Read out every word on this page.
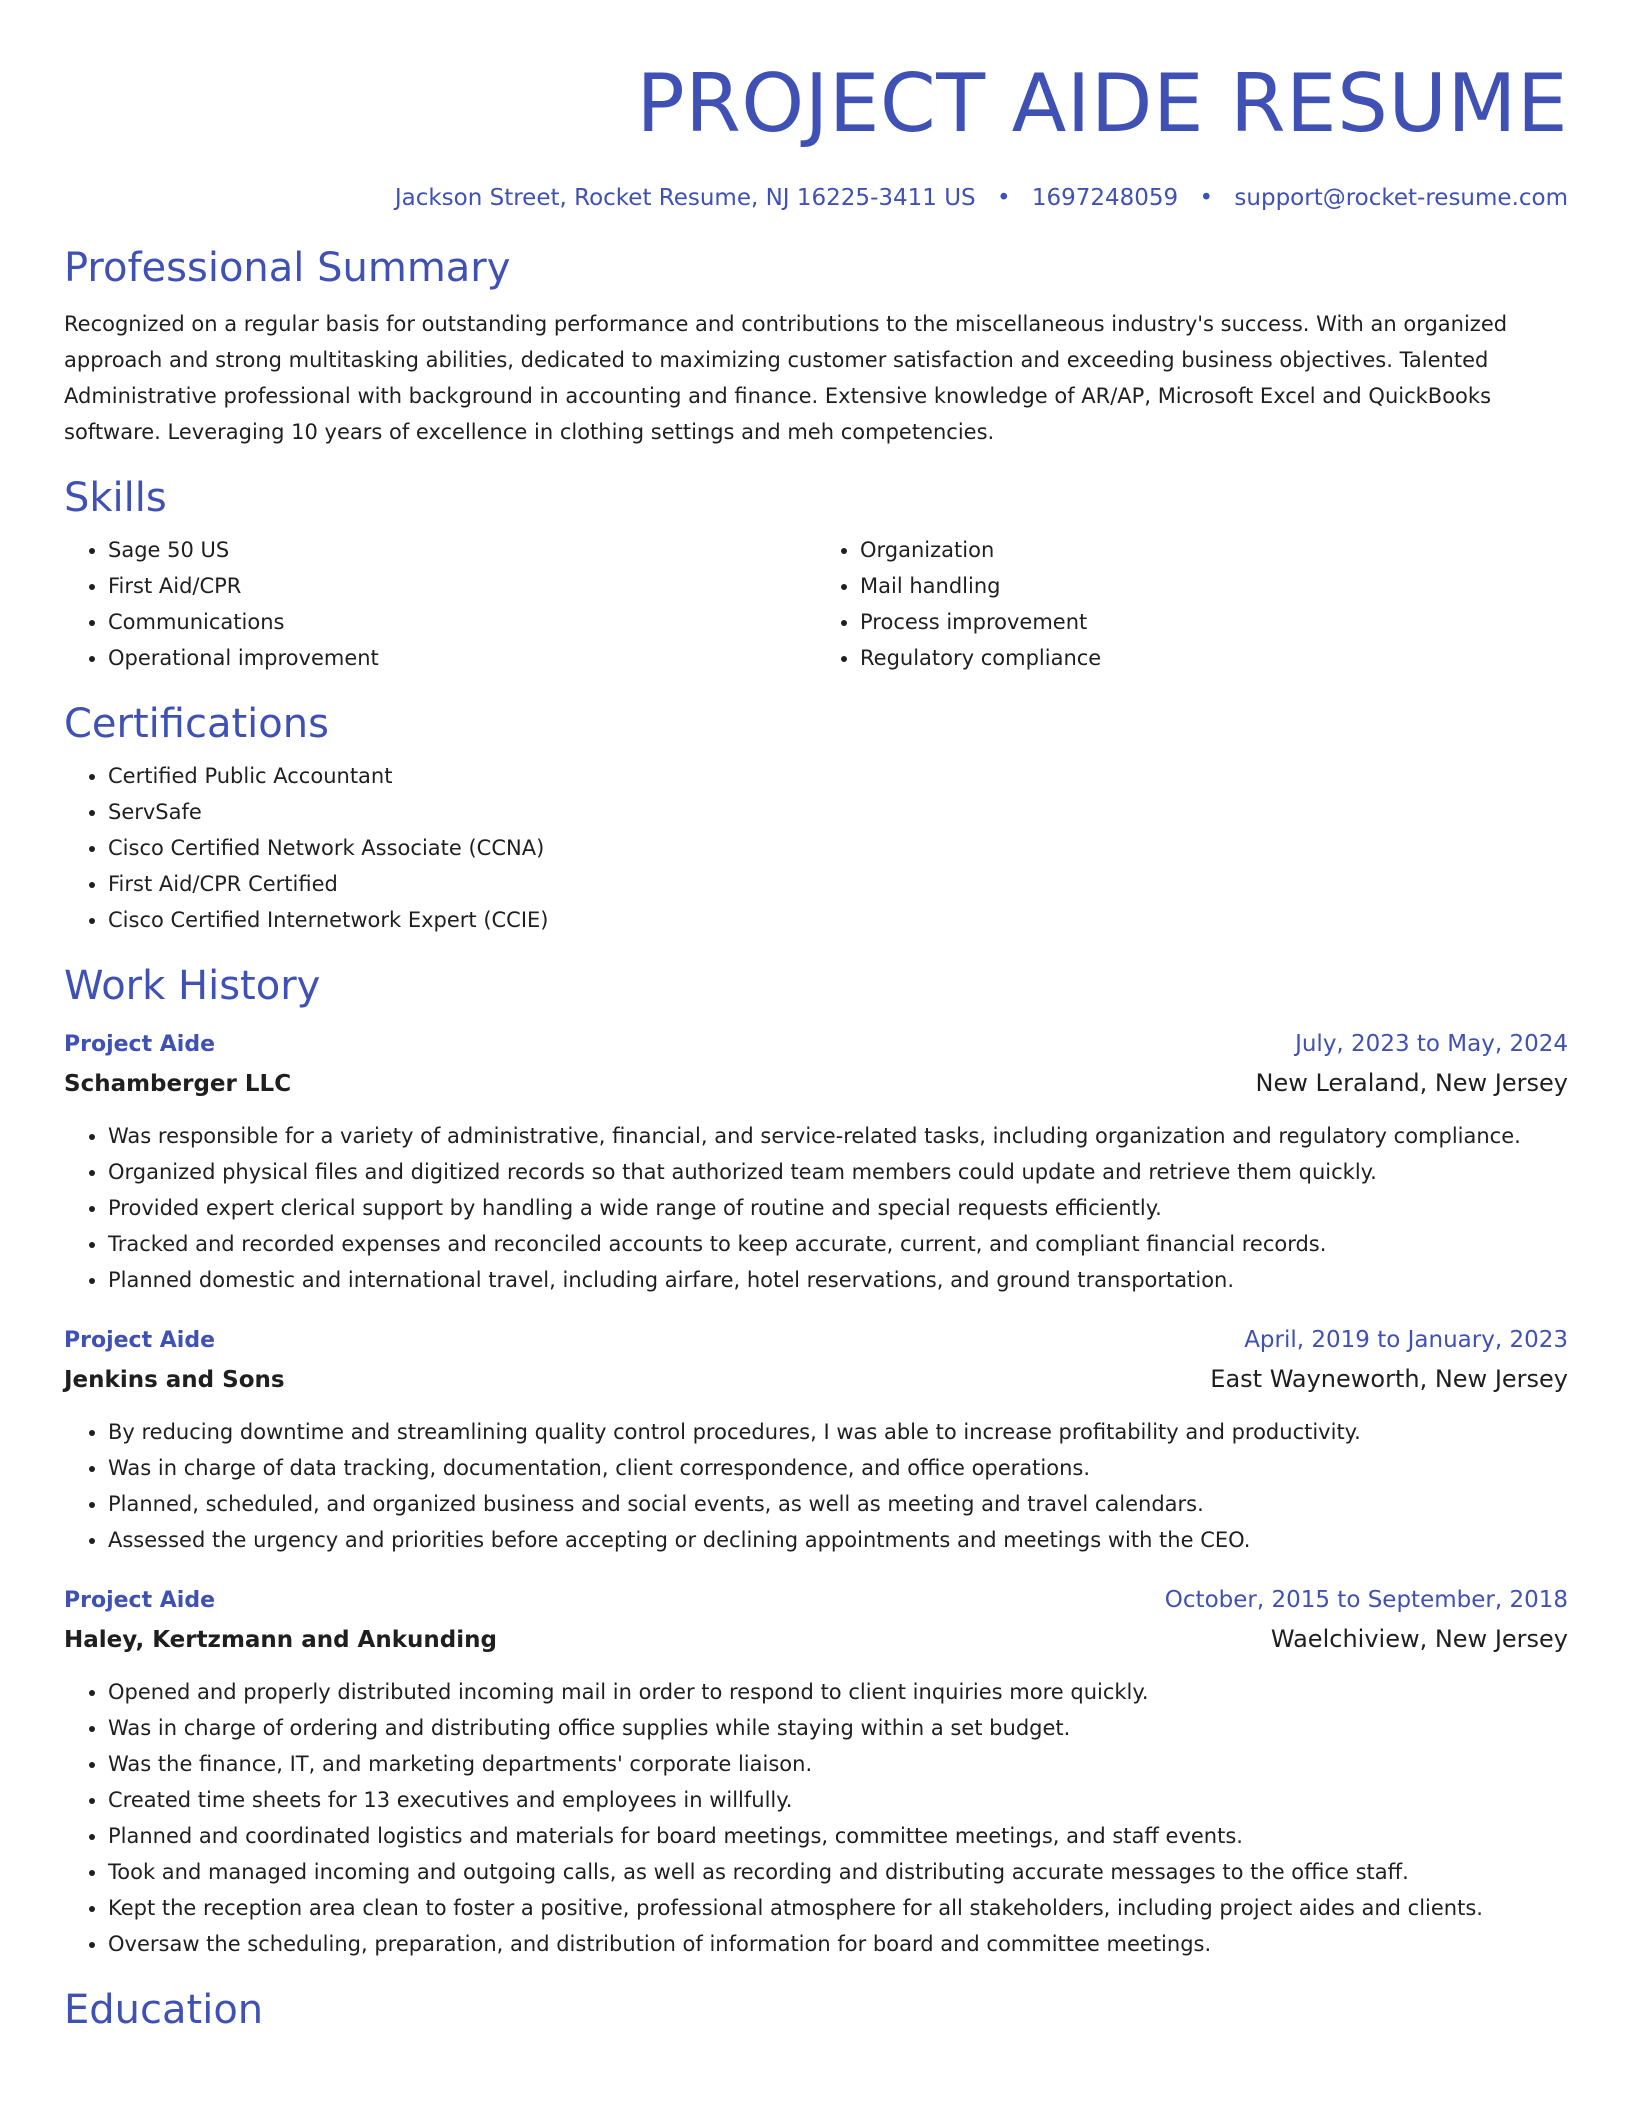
PROJECT AIDE RESUME
Jackson Street, Rocket Resume, NJ 16225-3411 US • 1697248059 • support@rocket-resume.com
Professional Summary
Recognized on a regular basis for outstanding performance and contributions to the miscellaneous industry's success. With an organized approach and strong multitasking abilities, dedicated to maximizing customer satisfaction and exceeding business objectives. Talented Administrative professional with background in accounting and finance. Extensive knowledge of AR/AP, Microsoft Excel and QuickBooks software. Leveraging 10 years of excellence in clothing settings and meh competencies.
Skills
• Sage 50 US
• First Aid/CPR
• Communications
• Operational improvement
• Organization
• Mail handling
• Process improvement
• Regulatory compliance
Certifications
• Certified Public Accountant
• ServSafe
• Cisco Certified Network Associate (CCNA)
• First Aid/CPR Certified
• Cisco Certified Internetwork Expert (CCIE)
Work History
Project Aide	July, 2023 to May, 2024
Schamberger LLC	New Leraland, New Jersey
• Was responsible for a variety of administrative, financial, and service-related tasks, including organization and regulatory compliance.
• Organized physical files and digitized records so that authorized team members could update and retrieve them quickly.
• Provided expert clerical support by handling a wide range of routine and special requests efficiently.
• Tracked and recorded expenses and reconciled accounts to keep accurate, current, and compliant financial records.
• Planned domestic and international travel, including airfare, hotel reservations, and ground transportation.
Project Aide	April, 2019 to January, 2023
Jenkins and Sons	East Wayneworth, New Jersey
• By reducing downtime and streamlining quality control procedures, I was able to increase profitability and productivity.
• Was in charge of data tracking, documentation, client correspondence, and office operations.
• Planned, scheduled, and organized business and social events, as well as meeting and travel calendars.
• Assessed the urgency and priorities before accepting or declining appointments and meetings with the CEO.
Project Aide	October, 2015 to September, 2018
Haley, Kertzmann and Ankunding	Waelchiview, New Jersey
• Opened and properly distributed incoming mail in order to respond to client inquiries more quickly.
• Was in charge of ordering and distributing office supplies while staying within a set budget.
• Was the finance, IT, and marketing departments' corporate liaison.
• Created time sheets for 13 executives and employees in willfully.
• Planned and coordinated logistics and materials for board meetings, committee meetings, and staff events.
• Took and managed incoming and outgoing calls, as well as recording and distributing accurate messages to the office staff.
• Kept the reception area clean to foster a positive, professional atmosphere for all stakeholders, including project aides and clients.
• Oversaw the scheduling, preparation, and distribution of information for board and committee meetings.
Education
